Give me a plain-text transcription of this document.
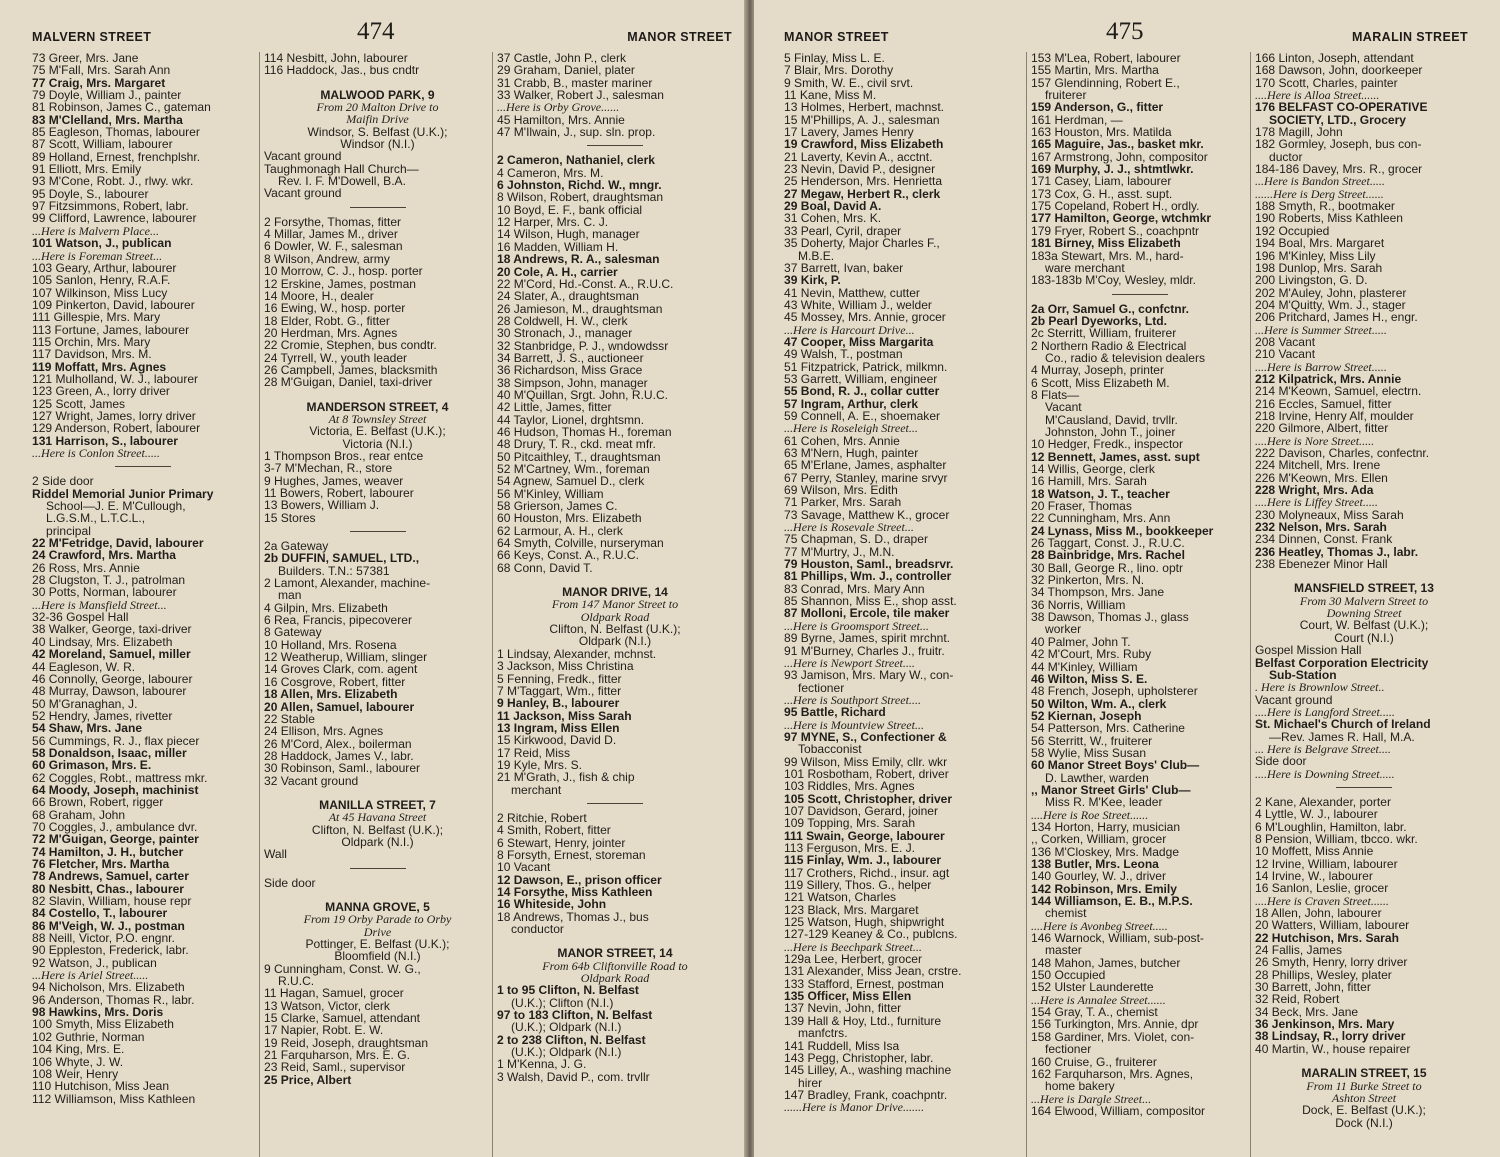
MALVERN STREET	474	MANOR STREET
73 Greer, Mrs. Jane
75 M'Fall, Mrs. Sarah Ann
77 Craig, Mrs. Margaret
79 Doyle, William J., painter
81 Robinson, James C., gateman
83 M'Clelland, Mrs. Martha
85 Eagleson, Thomas, labourer
87 Scott, William, labourer
89 Holland, Ernest, frenchplshr.
91 Elliott, Mrs. Emily
93 M'Cone, Robt. J., rlwy. wkr.
95 Doyle, S., labourer
97 Fitzsimmons, Robert, labr.
99 Clifford, Lawrence, labourer
...Here is Malvern Place...
101 Watson, J., publican
...Here is Foreman Street...
103 Geary, Arthur, labourer
105 Sanlon, Henry, R.A.F.
107 Wilkinson, Miss Lucy
109 Pinkerton, David, labourer
111 Gillespie, Mrs. Mary
113 Fortune, James, labourer
115 Orchin, Mrs. Mary
117 Davidson, Mrs. M.
119 Moffatt, Mrs. Agnes
121 Mulholland, W. J., labourer
123 Green, A., lorry driver
125 Scott, James
127 Wright, James, lorry driver
129 Anderson, Robert, labourer
131 Harrison, S., labourer
...Here is Conlon Street.....
2 Side door
Riddel Memorial Junior Primary
School—J. E. M'Cullough,
L.G.S.M., L.T.C.L.,
principal
22 M'Fetridge, David, labourer
24 Crawford, Mrs. Martha
26 Ross, Mrs. Annie
28 Clugston, T. J., patrolman
30 Potts, Norman, labourer
...Here is Mansfield Street...
32-36 Gospel Hall
38 Walker, George, taxi-driver
40 Lindsay, Mrs. Elizabeth
42 Moreland, Samuel, miller
44 Eagleson, W. R.
46 Connolly, George, labourer
48 Murray, Dawson, labourer
50 M'Granaghan, J.
52 Hendry, James, rivetter
54 Shaw, Mrs. Jane
56 Cummings, R. J., flax piecer
58 Donaldson, Isaac, miller
60 Grimason, Mrs. E.
62 Coggles, Robt., mattress mkr.
64 Moody, Joseph, machinist
66 Brown, Robert, rigger
68 Graham, John
70 Coggles, J., ambulance dvr.
72 M'Guigan, George, painter
74 Hamilton, J. H., butcher
76 Fletcher, Mrs. Martha
78 Andrews, Samuel, carter
80 Nesbitt, Chas., labourer
82 Slavin, William, house repr
84 Costello, T., labourer
86 M'Veigh, W. J., postman
88 Neill, Victor, P.O. engnr.
90 Eppleston, Frederick, labr.
92 Watson, J., publican
...Here is Ariel Street.....
94 Nicholson, Mrs. Elizabeth
96 Anderson, Thomas R., labr.
98 Hawkins, Mrs. Doris
100 Smyth, Miss Elizabeth
102 Guthrie, Norman
104 King, Mrs. E.
106 Whyte, J. W.
108 Weir, Henry
110 Hutchison, Miss Jean
112 Williamson, Miss Kathleen
114 Nesbitt, John, labourer
116 Haddock, Jas., bus cndtr
MALWOOD PARK, 9
From 20 Malton Drive to
Maifin Drive
Windsor, S. Belfast (U.K.);
Windsor (N.I.)
Vacant ground
Taughmonagh Hall Church—
Rev. I. F. M'Dowell, B.A.
Vacant ground
2 Forsythe, Thomas, fitter
4 Millar, James M., driver
6 Dowler, W. F., salesman
8 Wilson, Andrew, army
10 Morrow, C. J., hosp. porter
12 Erskine, James, postman
14 Moore, H., dealer
16 Ewing, W., hosp. porter
18 Elder, Robt. G., fitter
20 Herdman, Mrs. Agnes
22 Cromie, Stephen, bus condtr.
24 Tyrrell, W., youth leader
26 Campbell, James, blacksmith
28 M'Guigan, Daniel, taxi-driver
MANDERSON STREET, 4
At 8 Townsley Street
Victoria, E. Belfast (U.K.);
Victoria (N.I.)
1 Thompson Bros., rear entce
3-7 M'Mechan, R., store
9 Hughes, James, weaver
11 Bowers, Robert, labourer
13 Bowers, William J.
15 Stores
2a Gateway
2b DUFFIN, SAMUEL, LTD.,
Builders. T.N.: 57381
2 Lamont, Alexander, machine-
man
4 Gilpin, Mrs. Elizabeth
6 Rea, Francis, pipecoverer
8 Gateway
10 Holland, Mrs. Rosena
12 Weatherup, William, slinger
14 Groves Clark, com. agent
16 Cosgrove, Robert, fitter
18 Allen, Mrs. Elizabeth
20 Allen, Samuel, labourer
22 Stable
24 Ellison, Mrs. Agnes
26 M'Cord, Alex., boilerman
28 Haddock, James V., labr.
30 Robinson, Saml., labourer
32 Vacant ground
MANILLA STREET, 7
At 45 Havana Street
Clifton, N. Belfast (U.K.);
Oldpark (N.I.)
Wall
Side door
MANNA GROVE, 5
From 19 Orby Parade to Orby
Drive
Pottinger, E. Belfast (U.K.);
Bloomfield (N.I.)
9 Cunningham, Const. W. G.,
R.U.C.
11 Hagan, Samuel, grocer
13 Watson, Victor, clerk
15 Clarke, Samuel, attendant
17 Napier, Robt. E. W.
19 Reid, Joseph, draughtsman
21 Farquharson, Mrs. E. G.
23 Reid, Saml., supervisor
25 Price, Albert
37 Castle, John P., clerk
29 Graham, Daniel, plater
31 Crabb, B., master mariner
33 Walker, Robert J., salesman
...Here is Orby Grove......
45 Hamilton, Mrs. Annie
47 M'Ilwain, J., sup. sln. prop.
2 Cameron, Nathaniel, clerk
4 Cameron, Mrs. M.
6 Johnston, Richd. W., mngr.
8 Wilson, Robert, draughtsman
10 Boyd, E. F., bank official
12 Harper, Mrs. C. J.
14 Wilson, Hugh, manager
16 Madden, William H.
18 Andrews, R. A., salesman
20 Cole, A. H., carrier
22 M'Cord, Hd.-Const. A., R.U.C.
24 Slater, A., draughtsman
26 Jamieson, M., draughtsman
28 Coldwell, H. W., clerk
30 Stronach, J., manager
32 Stanbridge, P. J., wndowdssr
34 Barrett, J. S., auctioneer
36 Richardson, Miss Grace
38 Simpson, John, manager
40 M'Quillan, Srgt. John, R.U.C.
42 Little, James, fitter
44 Taylor, Lionel, drghtsmn.
46 Hudson, Thomas H., foreman
48 Drury, T. R., ckd. meat mfr.
50 Pitcaithley, T., draughtsman
52 M'Cartney, Wm., foreman
54 Agnew, Samuel D., clerk
56 M'Kinley, William
58 Grierson, James C.
60 Houston, Mrs. Elizabeth
62 Larmour, A. H., clerk
64 Smyth, Colville, nurseryman
66 Keys, Const. A., R.U.C.
68 Conn, David T.
MANOR DRIVE, 14
From 147 Manor Street to
Oldpark Road
Clifton, N. Belfast (U.K.);
Oldpark (N.I.)
1 Lindsay, Alexander, mchnst.
3 Jackson, Miss Christina
5 Fenning, Fredk., fitter
7 M'Taggart, Wm., fitter
9 Hanley, B., labourer
11 Jackson, Miss Sarah
13 Ingram, Miss Ellen
15 Kirkwood, David D.
17 Reid, Miss
19 Kyle, Mrs. S.
21 M'Grath, J., fish & chip
merchant
2 Ritchie, Robert
4 Smith, Robert, fitter
6 Stewart, Henry, jointer
8 Forsyth, Ernest, storeman
10 Vacant
12 Dawson, E., prison officer
14 Forsythe, Miss Kathleen
16 Whiteside, John
18 Andrews, Thomas J., bus
conductor
MANOR STREET, 14
From 64b Cliftonville Road to
Oldpark Road
1 to 95 Clifton, N. Belfast
(U.K.); Clifton (N.I.)
97 to 183 Clifton, N. Belfast
(U.K.); Oldpark (N.I.)
2 to 238 Clifton, N. Belfast
(U.K.); Oldpark (N.I.)
1 M'Kenna, J. G.
3 Walsh, David P., com. trvllr
MANOR STREET	475	MARALIN STREET
5 Finlay, Miss L. E.
7 Blair, Mrs. Dorothy
9 Smith, W. E., civil srvt.
11 Kane, Miss M.
13 Holmes, Herbert, machnst.
15 M'Phillips, A. J., salesman
17 Lavery, James Henry
19 Crawford, Miss Elizabeth
21 Laverty, Kevin A., acctnt.
23 Nevin, David P., designer
25 Henderson, Mrs. Henrietta
27 Megaw, Herbert R., clerk
29 Boal, David A.
31 Cohen, Mrs. K.
33 Pearl, Cyril, draper
35 Doherty, Major Charles F.,
M.B.E.
37 Barrett, Ivan, baker
39 Kirk, P.
41 Nevin, Matthew, cutter
43 White, William J., welder
45 Mossey, Mrs. Annie, grocer
...Here is Harcourt Drive...
47 Cooper, Miss Margarita
49 Walsh, T., postman
51 Fitzpatrick, Patrick, milkmn.
53 Garrett, William, engineer
55 Bond, R. J., collar cutter
57 Ingram, Arthur, clerk
59 Connell, A. E., shoemaker
...Here is Roseleigh Street...
61 Cohen, Mrs. Annie
63 M'Nern, Hugh, painter
65 M'Erlane, James, asphalter
67 Perry, Stanley, marine srvyr
69 Wilson, Mrs. Edith
71 Parker, Mrs. Sarah
73 Savage, Matthew K., grocer
...Here is Rosevale Street...
75 Chapman, S. D., draper
77 M'Murtry, J., M.N.
79 Houston, Saml., breadsrvr.
81 Phillips, Wm. J., controller
83 Conrad, Mrs. Mary Ann
85 Shannon, Miss E., shop asst.
87 Molloni, Ercole, tile maker
...Here is Groomsport Street...
89 Byrne, James, spirit mrchnt.
91 M'Burney, Charles J., fruitr.
...Here is Newport Street....
93 Jamison, Mrs. Mary W., con-
fectioner
...Here is Southport Street....
95 Battle, Richard
...Here is Mountview Street...
97 MYNE, S., Confectioner &
Tobacconist
99 Wilson, Miss Emily, cllr. wkr
101 Rosbotham, Robert, driver
103 Riddles, Mrs. Agnes
105 Scott, Christopher, driver
107 Davidson, Gerard, joiner
109 Topping, Mrs. Sarah
111 Swain, George, labourer
113 Ferguson, Mrs. E. J.
115 Finlay, Wm. J., labourer
117 Crothers, Richd., insur. agt
119 Sillery, Thos. G., helper
121 Watson, Charles
123 Black, Mrs. Margaret
125 Watson, Hugh, shipwright
127-129 Keaney & Co., publcns.
...Here is Beechpark Street...
129a Lee, Herbert, grocer
131 Alexander, Miss Jean, crstre.
133 Stafford, Ernest, postman
135 Officer, Miss Ellen
137 Nevin, John, fitter
139 Hall & Hoy, Ltd., furniture
manfctrs.
141 Ruddell, Miss Isa
143 Pegg, Christopher, labr.
145 Lilley, A., washing machine
hirer
147 Bradley, Frank, coachpntr.
......Here is Manor Drive.......
153 M'Lea, Robert, labourer
155 Martin, Mrs. Martha
157 Glendinning, Robert E.,
fruiterer
159 Anderson, G., fitter
161 Herdman, —
163 Houston, Mrs. Matilda
165 Maguire, Jas., basket mkr.
167 Armstrong, John, compositor
169 Murphy, J. J., shtmtlwkr.
171 Casey, Liam, labourer
173 Cox, G. H., asst. supt.
175 Copeland, Robert H., ordly.
177 Hamilton, George, wtchmkr
179 Fryer, Robert S., coachpntr
181 Birney, Miss Elizabeth
183a Stewart, Mrs. M., hard-
ware merchant
183-183b M'Coy, Wesley, mldr.
2a Orr, Samuel G., confctnr.
2b Pearl Dyeworks, Ltd.
2c Sterritt, William, fruiterer
2 Northern Radio & Electrical
Co., radio & television dealers
4 Murray, Joseph, printer
6 Scott, Miss Elizabeth M.
8 Flats—
Vacant
M'Causland, David, trvllr.
Johnston, John T., joiner
10 Hedger, Fredk., inspector
12 Bennett, James, asst. supt
14 Willis, George, clerk
16 Hamill, Mrs. Sarah
18 Watson, J. T., teacher
20 Fraser, Thomas
22 Cunningham, Mrs. Ann
24 Lynass, Miss M., bookkeeper
26 Taggart, Const. J., R.U.C.
28 Bainbridge, Mrs. Rachel
30 Ball, George R., lino. optr
32 Pinkerton, Mrs. N.
34 Thompson, Mrs. Jane
36 Norris, William
38 Dawson, Thomas J., glass
worker
40 Palmer, John T.
42 M'Court, Mrs. Ruby
44 M'Kinley, William
46 Wilton, Miss S. E.
48 French, Joseph, upholsterer
50 Wilton, Wm. A., clerk
52 Kiernan, Joseph
54 Patterson, Mrs. Catherine
56 Sterritt, W., fruiterer
58 Wylie, Miss Susan
60 Manor Street Boys' Club—
D. Lawther, warden
,, Manor Street Girls' Club—
Miss R. M'Kee, leader
....Here is Roe Street......
134 Horton, Harry, musician
,, Corken, William, grocer
136 M'Closkey, Mrs. Madge
138 Butler, Mrs. Leona
140 Gourley, W. J., driver
142 Robinson, Mrs. Emily
144 Williamson, E. B., M.P.S.
chemist
....Here is Avonbeg Street.....
146 Warnock, William, sub-post-
master
148 Mahon, James, butcher
150 Occupied
152 Ulster Launderette
...Here is Annalee Street......
154 Gray, T. A., chemist
156 Turkington, Mrs. Annie, dpr
158 Gardiner, Mrs. Violet, con-
fectioner
160 Cruise, G., fruiterer
162 Farquharson, Mrs. Agnes,
home bakery
...Here is Dargle Street...
164 Elwood, William, compositor
166 Linton, Joseph, attendant
168 Dawson, John, doorkeeper
170 Scott, Charles, painter
....Here is Alloa Street......
176 BELFAST CO-OPERATIVE
SOCIETY, LTD., Grocery
178 Magill, John
182 Gormley, Joseph, bus con-
ductor
184-186 Davey, Mrs. R., grocer
...Here is Bandon Street.....
......Here is Derg Street......
188 Smyth, R., bootmaker
190 Roberts, Miss Kathleen
192 Occupied
194 Boal, Mrs. Margaret
196 M'Kinley, Miss Lily
198 Dunlop, Mrs. Sarah
200 Livingston, G. D.
202 M'Auley, John, plasterer
204 M'Quitty, Wm. J., stager
206 Pritchard, James H., engr.
...Here is Summer Street.....
208 Vacant
210 Vacant
....Here is Barrow Street.....
212 Kilpatrick, Mrs. Annie
214 M'Keown, Samuel, electrn.
216 Eccles, Samuel, fitter
218 Irvine, Henry Alf, moulder
220 Gilmore, Albert, fitter
....Here is Nore Street.....
222 Davison, Charles, confectnr.
224 Mitchell, Mrs. Irene
226 M'Keown, Mrs. Ellen
228 Wright, Mrs. Ada
....Here is Liffey Street.....
230 Molyneaux, Miss Sarah
232 Nelson, Mrs. Sarah
234 Dinnen, Const. Frank
236 Heatley, Thomas J., labr.
238 Ebenezer Minor Hall
MANSFIELD STREET, 13
From 30 Malvern Street to
Downing Street
Court, W. Belfast (U.K.);
Court (N.I.)
Gospel Mission Hall
Belfast Corporation Electricity
Sub-Station
. Here is Brownlow Street..
Vacant ground
....Here is Langford Street.....
St. Michael's Church of Ireland
—Rev. James R. Hall, M.A.
... Here is Belgrave Street....
Side door
....Here is Downing Street.....
2 Kane, Alexander, porter
4 Lyttle, W. J., labourer
6 M'Loughlin, Hamilton, labr.
8 Pension, William, tbcco. wkr.
10 Moffett, Miss Annie
12 Irvine, William, labourer
14 Irvine, W., labourer
16 Sanlon, Leslie, grocer
....Here is Craven Street......
18 Allen, John, labourer
20 Watters, William, labourer
22 Hutchison, Mrs. Sarah
24 Fallis, James
26 Smyth, Henry, lorry driver
28 Phillips, Wesley, plater
30 Barrett, John, fitter
32 Reid, Robert
34 Beck, Mrs. Jane
36 Jenkinson, Mrs. Mary
38 Lindsay, R., lorry driver
40 Martin, W., house repairer
MARALIN STREET, 15
From 11 Burke Street to
Ashton Street
Dock, E. Belfast (U.K.);
Dock (N.I.)
